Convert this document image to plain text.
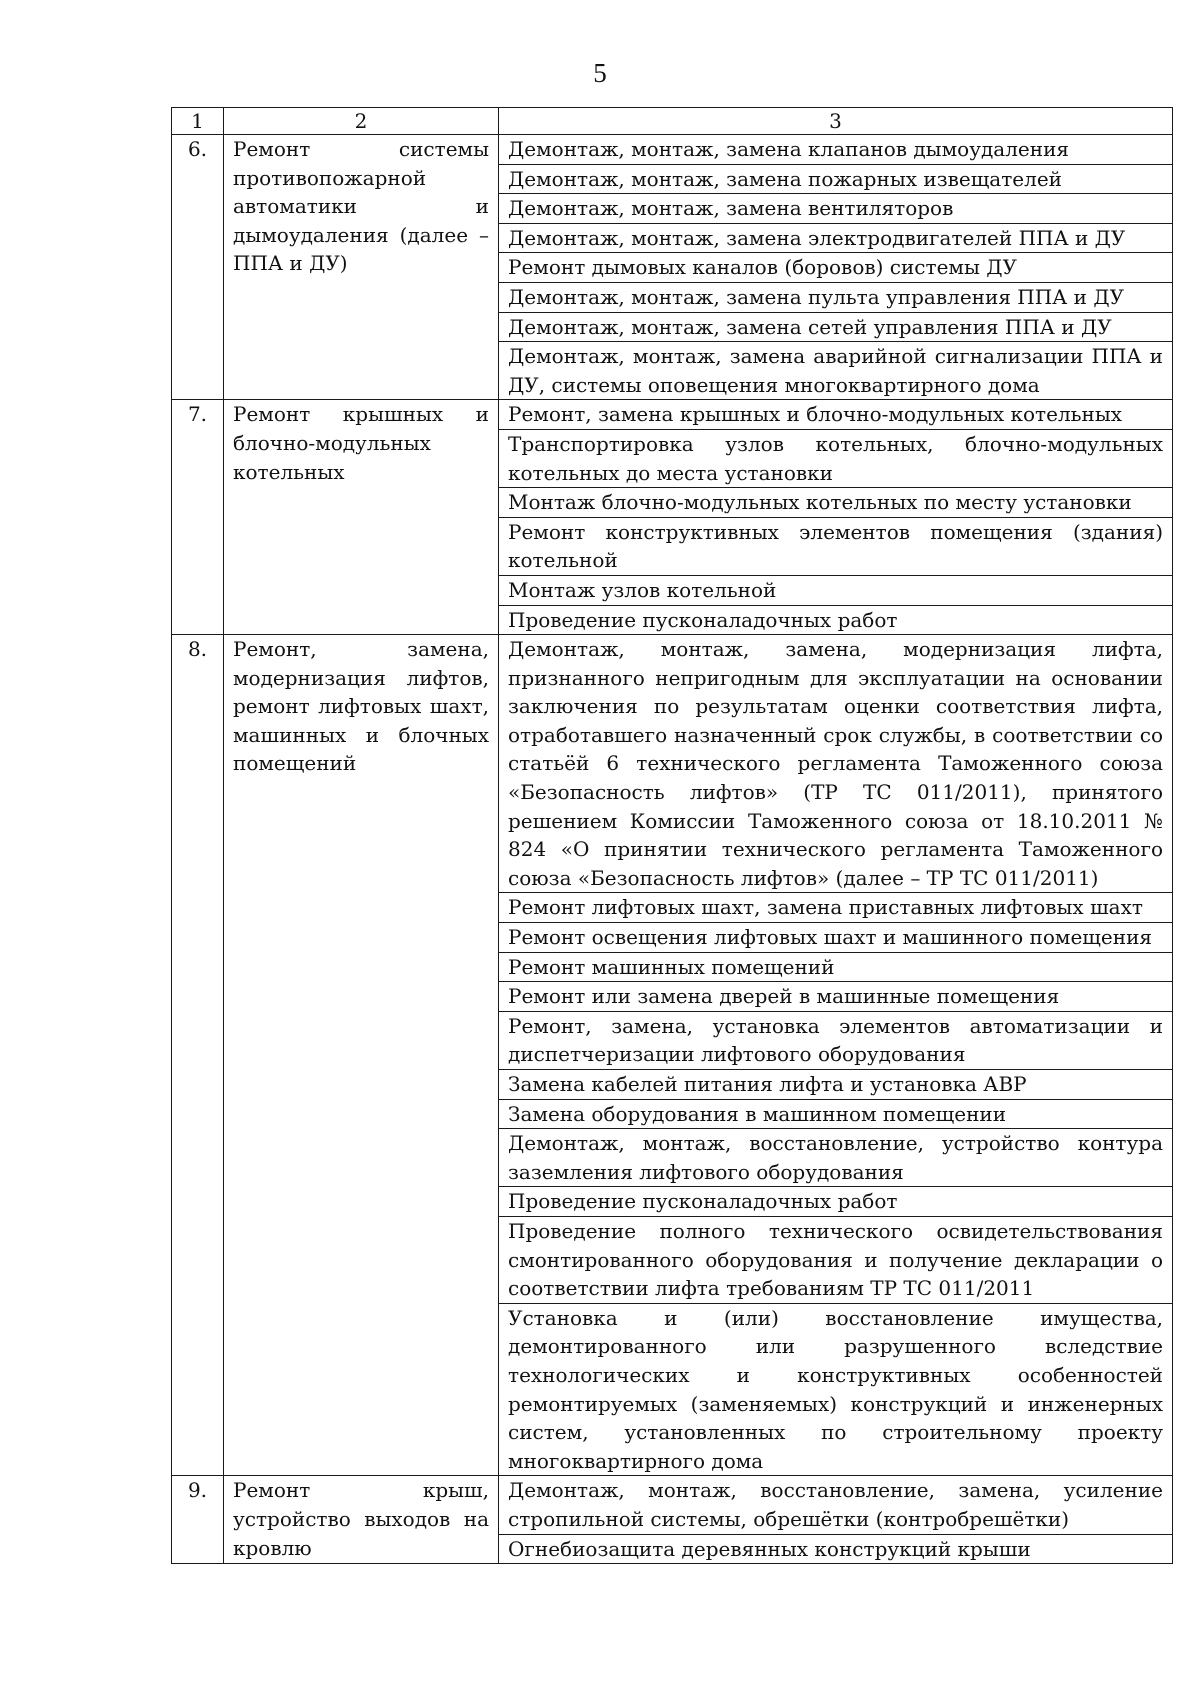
5
1	2	3
6.	Ремонт системы противопожарной автоматики и дымоудаления (далее – ППА и ДУ)	Демонтаж, монтаж, замена клапанов дымоудаления
		Демонтаж, монтаж, замена пожарных извещателей
		Демонтаж, монтаж, замена вентиляторов
		Демонтаж, монтаж, замена электродвигателей ППА и ДУ
		Ремонт дымовых каналов (боровов) системы ДУ
		Демонтаж, монтаж, замена пульта управления ППА и ДУ
		Демонтаж, монтаж, замена сетей управления ППА и ДУ
		Демонтаж, монтаж, замена аварийной сигнализации ППА и ДУ, системы оповещения многоквартирного дома
7.	Ремонт крышных и блочно-модульных котельных	Ремонт, замена крышных и блочно-модульных котельных
		Транспортировка узлов котельных, блочно-модульных котельных до места установки
		Монтаж блочно-модульных котельных по месту установки
		Ремонт конструктивных элементов помещения (здания) котельной
		Монтаж узлов котельной
		Проведение пусконаладочных работ
8.	Ремонт, замена, модернизация лифтов, ремонт лифтовых шахт, машинных и блочных помещений	Демонтаж, монтаж, замена, модернизация лифта, признанного непригодным для эксплуатации на основании заключения по результатам оценки соответствия лифта, отработавшего назначенный срок службы, в соответствии со статьёй 6 технического регламента Таможенного союза «Безопасность лифтов» (ТР ТС 011/2011), принятого решением Комиссии Таможенного союза от 18.10.2011 № 824 «О принятии технического регламента Таможенного союза «Безопасность лифтов» (далее – ТР ТС 011/2011)
		Ремонт лифтовых шахт, замена приставных лифтовых шахт
		Ремонт освещения лифтовых шахт и машинного помещения
		Ремонт машинных помещений
		Ремонт или замена дверей в машинные помещения
		Ремонт, замена, установка элементов автоматизации и диспетчеризации лифтового оборудования
		Замена кабелей питания лифта и установка АВР
		Замена оборудования в машинном помещении
		Демонтаж, монтаж, восстановление, устройство контура заземления лифтового оборудования
		Проведение пусконаладочных работ
		Проведение полного технического освидетельствования смонтированного оборудования и получение декларации о соответствии лифта требованиям ТР ТС 011/2011
		Установка и (или) восстановление имущества, демонтированного или разрушенного вследствие технологических и конструктивных особенностей ремонтируемых (заменяемых) конструкций и инженерных систем, установленных по строительному проекту многоквартирного дома
9.	Ремонт крыш, устройство выходов на кровлю	Демонтаж, монтаж, восстановление, замена, усиление стропильной системы, обрешётки (контробрешётки)
		Огнебиозащита деревянных конструкций крыши
